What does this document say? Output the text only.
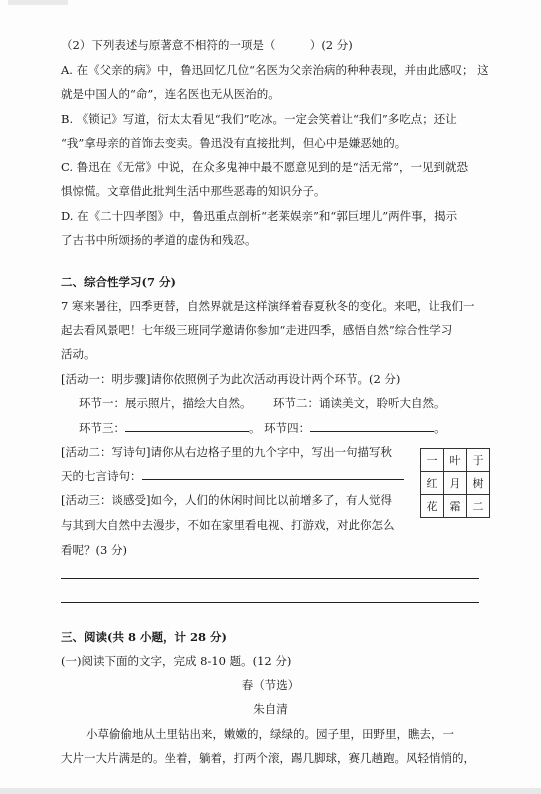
（2）下列表述与原著意不相符的一项是（　　　）(2 分)
A. 在《父亲的病》中，鲁迅回忆几位“名医为父亲治病的种种表现，并由此感叹； 这
就是中国人的“命”，连名医也无从医治的。
B. 《锁记》写道，衍太太看见“我们”吃冰。一定会笑着让“我们”多吃点；还让
“我”拿母亲的首饰去变卖。鲁迅没有直接批判，但心中是嫌恶她的。
C. 鲁迅在《无常》中说，在众多鬼神中最不愿意见到的是“活无常”，一见到就恐
惧惊慌。文章借此批判生活中那些恶毒的知识分子。
D. 在《二十四孝图》中，鲁迅重点剖析“老莱娱亲”和“郭巨埋儿”两件事，揭示
了古书中所颂扬的孝道的虚伪和残忍。
二、综合性学习(7 分)
7 寒来暑往，四季更替，自然界就是这样演绎着春夏秋冬的变化。来吧，让我们一
起去看风景吧！七年级三班同学邀请你参加“走进四季，感悟自然”综合性学习
活动。
[活动一：明步骤]请你依照例子为此次活动再设计两个环节。(2 分)
环节一：展示照片，描绘大自然。 环节二：诵读美文，聆听大自然。
环节三：	。 环节四：	。
[活动二：写诗句]请你从右边格子里的九个字中，写出一句描写秋
天的七言诗句：
一	叶	于
红	月	树
花	霜	二
[活动三：谈感受]如今，人们的休闲时间比以前增多了，有人觉得
与其到大自然中去漫步，不如在家里看电视、打游戏，对此你怎么
看呢？(3 分)
三、阅读(共 8 小题，计 28 分)
(一)阅读下面的文字，完成 8-10 题。(12 分)
春（节选）
朱自清
小草偷偷地从土里钻出来，嫩嫩的，绿绿的。园子里，田野里，瞧去，一
大片一大片满是的。坐着，躺着，打两个滚，踢几脚球，赛几趟跑。风轻悄悄的，
